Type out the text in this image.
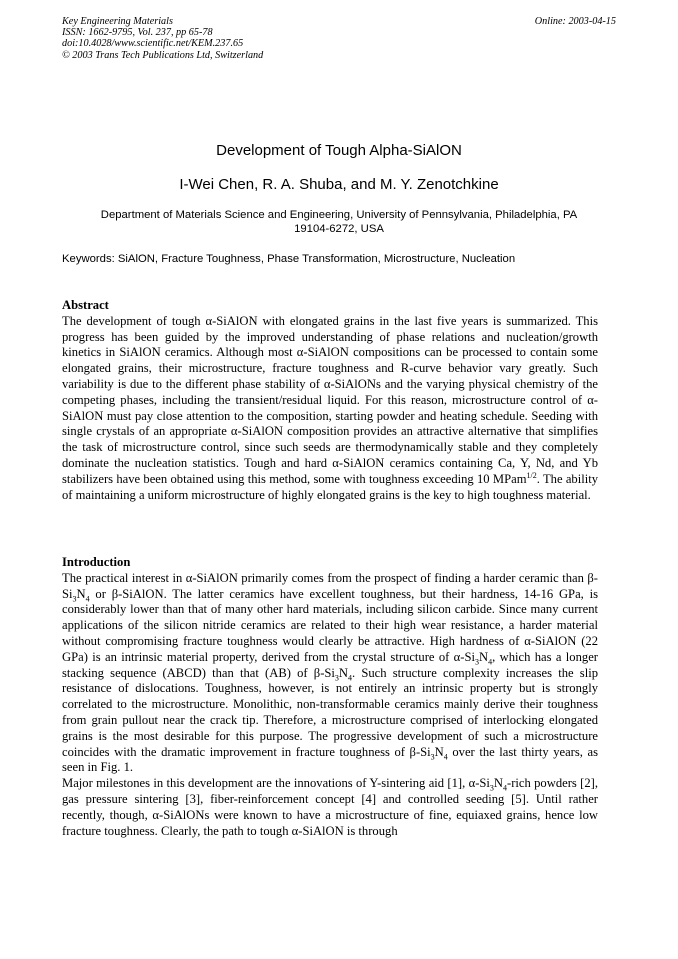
Key Engineering Materials
ISSN: 1662-9795, Vol. 237, pp 65-78
doi:10.4028/www.scientific.net/KEM.237.65
© 2003 Trans Tech Publications Ltd, Switzerland
Online: 2003-04-15
Development of Tough Alpha-SiAlON
I-Wei Chen, R. A. Shuba, and M. Y. Zenotchkine
Department of Materials Science and Engineering, University of Pennsylvania, Philadelphia, PA
19104-6272, USA
Keywords: SiAlON, Fracture Toughness, Phase Transformation, Microstructure, Nucleation
Abstract

The development of tough α-SiAlON with elongated grains in the last five years is summarized. This progress has been guided by the improved understanding of phase relations and nucleation/growth kinetics in SiAlON ceramics. Although most α-SiAlON compositions can be processed to contain some elongated grains, their microstructure, fracture toughness and R-curve behavior vary greatly. Such variability is due to the different phase stability of α-SiAlONs and the varying physical chemistry of the competing phases, including the transient/residual liquid. For this reason, microstructure control of α-SiAlON must pay close attention to the composition, starting powder and heating schedule. Seeding with single crystals of an appropriate α-SiAlON composition provides an attractive alternative that simplifies the task of microstructure control, since such seeds are thermodynamically stable and they completely dominate the nucleation statistics. Tough and hard α-SiAlON ceramics containing Ca, Y, Nd, and Yb stabilizers have been obtained using this method, some with toughness exceeding 10 MPam$^{1/2}$. The ability of maintaining a uniform microstructure of highly elongated grains is the key to high toughness material.

Introduction

The practical interest in α-SiAlON primarily comes from the prospect of finding a harder ceramic than $\beta-Si_3N_4$ or β-SiAlON. The latter ceramics have excellent toughness, but their hardness, 14-16 GPa, is considerably lower than that of many other hard materials, including silicon carbide. Since many current applications of the silicon nitride ceramics are related to their high wear resistance, a harder material without compromising fracture toughness would clearly be attractive. High hardness of α-SiAlON (22 GPa) is an intrinsic material property, derived from the crystal structure of $\alpha-Si_3N_4$, which has a longer stacking sequence (ABCD) than that (AB) of $\beta-Si_3N_4$. Such structure complexity increases the slip resistance of dislocations. Toughness, however, is not entirely an intrinsic property but is strongly correlated to the microstructure. Monolithic, non-transformable ceramics mainly derive their toughness from grain pullout near the crack tip. Therefore, a microstructure comprised of interlocking elongated grains is the most desirable for this purpose. The progressive development of such a microstructure coincides with the dramatic improvement in fracture toughness of $\beta-Si_3N_4$ over the last thirty years, as seen in Fig. 1.

Major milestones in this development are the innovations of Y-sintering aid [1], $\alpha-Si_3N_4$-rich powders [2], gas pressure sintering [3], fiber-reinforcement concept [4] and controlled seeding [5]. Until rather recently, though, α-SiAlONs were known to have a microstructure of fine, equiaxed grains, hence low fracture toughness. Clearly, the path to tough α-SiAlON is through
